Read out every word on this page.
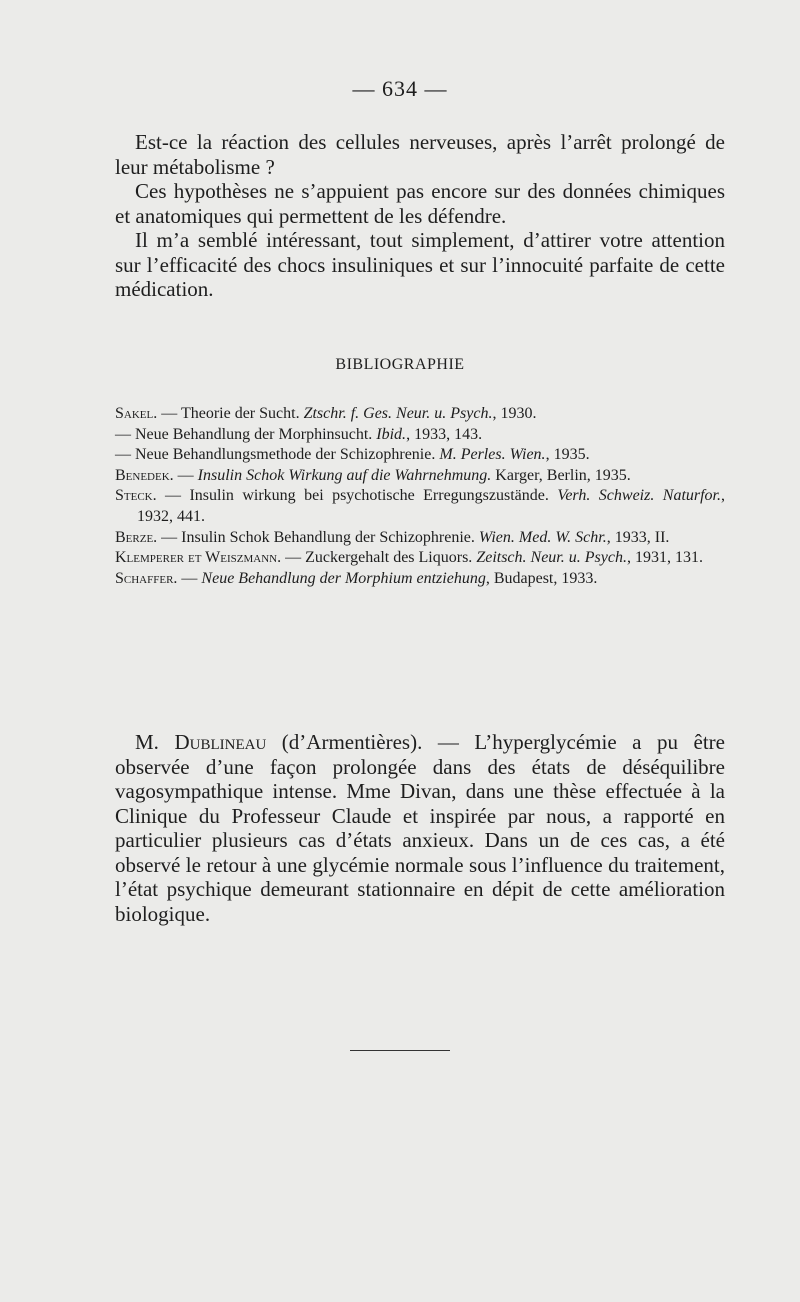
— 634 —

Est-ce la réaction des cellules nerveuses, après l’arrêt prolongé de leur métabolisme ?

Ces hypothèses ne s’appuient pas encore sur des données chimiques et anatomiques qui permettent de les défendre.

Il m’a semblé intéressant, tout simplement, d’attirer votre attention sur l’efficacité des chocs insuliniques et sur l’innocuité parfaite de cette médication.

BIBLIOGRAPHIE

Sakel. — Theorie der Sucht. Ztschr. f. Ges. Neur. u. Psych., 1930.

— Neue Behandlung der Morphinsucht. Ibid., 1933, 143.

— Neue Behandlungsmethode der Schizophrenie. M. Perles. Wien., 1935.

Benedek. — Insulin Schok Wirkung auf die Wahrnehmung. Karger, Berlin, 1935.

Steck. — Insulin wirkung bei psychotische Erregungszustände. Verh. Schweiz. Naturfor., 1932, 441.

Berze. — Insulin Schok Behandlung der Schizophrenie. Wien. Med. W. Schr., 1933, II.

Klemperer et Weiszmann. — Zuckergehalt des Liquors. Zeitsch. Neur. u. Psych., 1931, 131.

Schaffer. — Neue Behandlung der Morphium entziehung, Budapest, 1933.

M. Dublineau (d’Armentières). — L’hyperglycémie a pu être observée d’une façon prolongée dans des états de déséquilibre vagosympathique intense. Mme Divan, dans une thèse effectuée à la Clinique du Professeur Claude et inspirée par nous, a rapporté en particulier plusieurs cas d’états anxieux. Dans un de ces cas, a été observé le retour à une glycémie normale sous l’influence du traitement, l’état psychique demeurant stationnaire en dépit de cette amélioration biologique.
